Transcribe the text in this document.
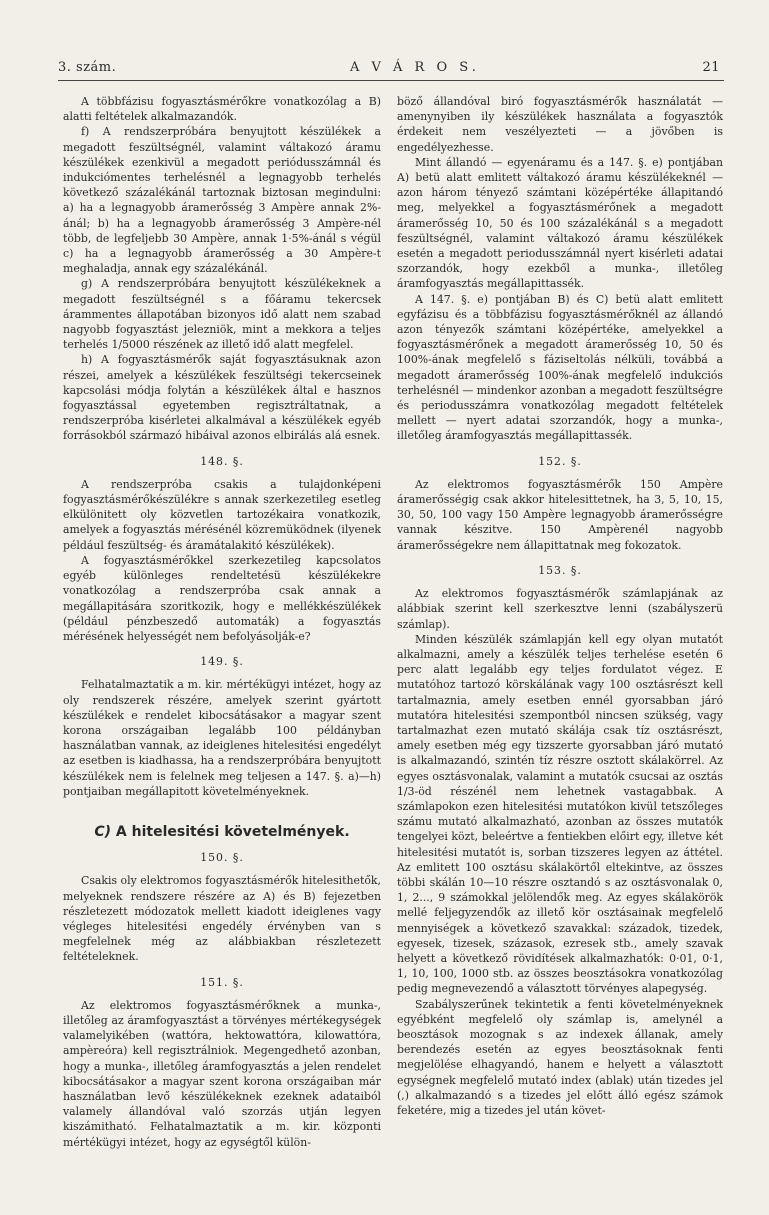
3. szám.	A V Á R O S.	21

A többfázisu fogyasztásmérőkre vonatkozólag a B) alatti feltételek alkalmazandók.

f) A rendszerpróbára benyujtott készülékek a megadott feszültségnél, valamint váltakozó áramu készülékek ezenkivül a megadott periódusszámnál és indukciómentes terhelésnél a legnagyobb terhelés következő százalékánál tartoznak biztosan megindulni: a) ha a legnagyobb áramerősség 3 Ampère annak 2%-ánál; b) ha a legnagyobb áramerősség 3 Ampère-nél több, de legfeljebb 30 Ampère, annak 1·5%-ánál s végül c) ha a legnagyobb áramerősség a 30 Ampère-t meghaladja, annak egy százalékánál.

g) A rendszerpróbára benyujtott készülékeknek a megadott feszültségnél s a főáramu tekercsek árammentes állapotában bizonyos idő alatt nem szabad nagyobb fogyasztást jelezniök, mint a mekkora a teljes terhelés 1/5000 részének az illető idő alatt megfelel.

h) A fogyasztásmérők saját fogyasztásuknak azon részei, amelyek a készülékek feszültségi tekercseinek kapcsolási módja folytán a készülékek által e hasznos fogyasztással egyetemben regisztráltatnak, a rendszerpróba kisérletei alkalmával a készülékek egyéb forrásokból származó hibáival azonos elbirálás alá esnek.

148. §.

A rendszerpróba csakis a tulajdonképeni fogyasztásmérőkészülékre s annak szerkezetileg esetleg elkülönitett oly közvetlen tartozékaira vonatkozik, amelyek a fogyasztás mérésénél közremüködnek (ilyenek például feszültség- és áramátalakitó készülékek).

A fogyasztásmérőkkel szerkezetileg kapcsolatos egyéb különleges rendeltetésü készülékekre vonatkozólag a rendszerpróba csak annak a megállapitására szoritkozik, hogy e mellékkészülékek (például pénzbeszedő automaták) a fogyasztás mérésének helyességét nem befolyásolják-e?

149. §.

Felhatalmaztatik a m. kir. mértékügyi intézet, hogy az oly rendszerek részére, amelyek szerint gyártott készülékek e rendelet kibocsátásakor a magyar szent korona országaiban legalább 100 példányban használatban vannak, az ideiglenes hitelesitési engedélyt az esetben is kiadhassa, ha a rendszerpróbára benyujtott készülékek nem is felelnek meg teljesen a 147. §. a)—h) pontjaiban megállapitott követelményeknek.

C) A hitelesitési követelmények.

150. §.

Csakis oly elektromos fogyasztásmérők hitelesithetők, melyeknek rendszere részére az A) és B) fejezetben részletezett módozatok mellett kiadott ideiglenes vagy végleges hitelesitési engedély érvényben van s megfelelnek még az alábbiakban részletezett feltételeknek.

151. §.

Az elektromos fogyasztásmérőknek a munka-, illetőleg az áramfogyasztást a törvényes mértékegységek valamelyikében (wattóra, hektowattóra, kilowattóra, ampèreóra) kell regisztrálniok. Megengedhető azonban, hogy a munka-, illetőleg áramfogyasztás a jelen rendelet kibocsátásakor a magyar szent korona országaiban már használatban levő készülékeknek ezeknek adataiból valamely állandóval való szorzás utján legyen kiszámitható. Felhatalmaztatik a m. kir. központi mértékügyi intézet, hogy az egységtől külön-

böző állandóval biró fogyasztásmérők használatát — amenynyiben ily készülékek használata a fogyasztók érdekeit nem veszélyezteti — a jövőben is engedélyezhesse.

Mint állandó — egyenáramu és a 147. §. e) pontjában A) betü alatt emlitett váltakozó áramu készülékeknél — azon három tényező számtani középértéke állapitandó meg, melyekkel a fogyasztásmérőnek a megadott áramerősség 10, 50 és 100 százalékánál s a megadott feszültségnél, valamint váltakozó áramu készülékek esetén a megadott periodusszámnál nyert kisérleti adatai szorzandók, hogy ezekből a munka-, illetőleg áramfogyasztás megállapittassék.

A 147. §. e) pontjában B) és C) betü alatt emlitett egyfázisu és a többfázisu fogyasztásmérőknél az állandó azon tényezők számtani középértéke, amelyekkel a fogyasztásmérőnek a megadott áramerősség 10, 50 és 100%-ának megfelelő s fáziseltolás nélküli, továbbá a megadott áramerősség 100%-ának megfelelő indukciós terhelésnél — mindenkor azonban a megadott feszültségre és periodusszámra vonatkozólag megadott feltételek mellett — nyert adatai szorzandók, hogy a munka-, illetőleg áramfogyasztás megállapittassék.

152. §.

Az elektromos fogyasztásmérők 150 Ampère áramerősségig csak akkor hitelesittetnek, ha 3, 5, 10, 15, 30, 50, 100 vagy 150 Ampère legnagyobb áramerősségre vannak készitve. 150 Ampèrenél nagyobb áramerősségekre nem állapittatnak meg fokozatok.

153. §.

Az elektromos fogyasztásmérők számlapjának az alábbiak szerint kell szerkesztve lenni (szabályszerü számlap).

Minden készülék számlapján kell egy olyan mutatót alkalmazni, amely a készülék teljes terhelése esetén 6 perc alatt legalább egy teljes fordulatot végez. E mutatóhoz tartozó körskálának vagy 100 osztásrészt kell tartalmaznia, amely esetben ennél gyorsabban járó mutatóra hitelesitési szempontból nincsen szükség, vagy tartalmazhat ezen mutató skálája csak tíz osztásrészt, amely esetben még egy tizszerte gyorsabban járó mutató is alkalmazandó, szintén tíz részre osztott skálakörrel. Az egyes osztásvonalak, valamint a mutatók csucsai az osztás 1/3-öd részénél nem lehetnek vastagabbak. A számlapokon ezen hitelesitési mutatókon kivül tetszőleges számu mutató alkalmazható, azonban az összes mutatók tengelyei közt, beleértve a fentiekben előirt egy, illetve két hitelesitési mutatót is, sorban tizszeres legyen az áttétel. Az emlitett 100 osztásu skálakörtől eltekintve, az összes többi skálán 10—10 részre osztandó s az osztásvonalak 0, 1, 2..., 9 számokkal jelölendők meg. Az egyes skálakörök mellé feljegyzendők az illető kör osztásainak megfelelő mennyiségek a következő szavakkal: századok, tizedek, egyesek, tizesek, százasok, ezresek stb., amely szavak helyett a következő rövidítések alkalmazhatók: 0·01, 0·1, 1, 10, 100, 1000 stb. az összes beosztásokra vonatkozólag pedig megnevezendő a választott törvényes alapegység.

Szabályszerűnek tekintetik a fenti követelményeknek egyébként megfelelő oly számlap is, amelynél a beosztások mozognak s az indexek állanak, amely berendezés esetén az egyes beosztásoknak fenti megjelölése elhagyandó, hanem e helyett a választott egységnek megfelelő mutató index (ablak) után tizedes jel (,) alkalmazandó s a tizedes jel előtt álló egész számok feketére, mig a tizedes jel után követ-
